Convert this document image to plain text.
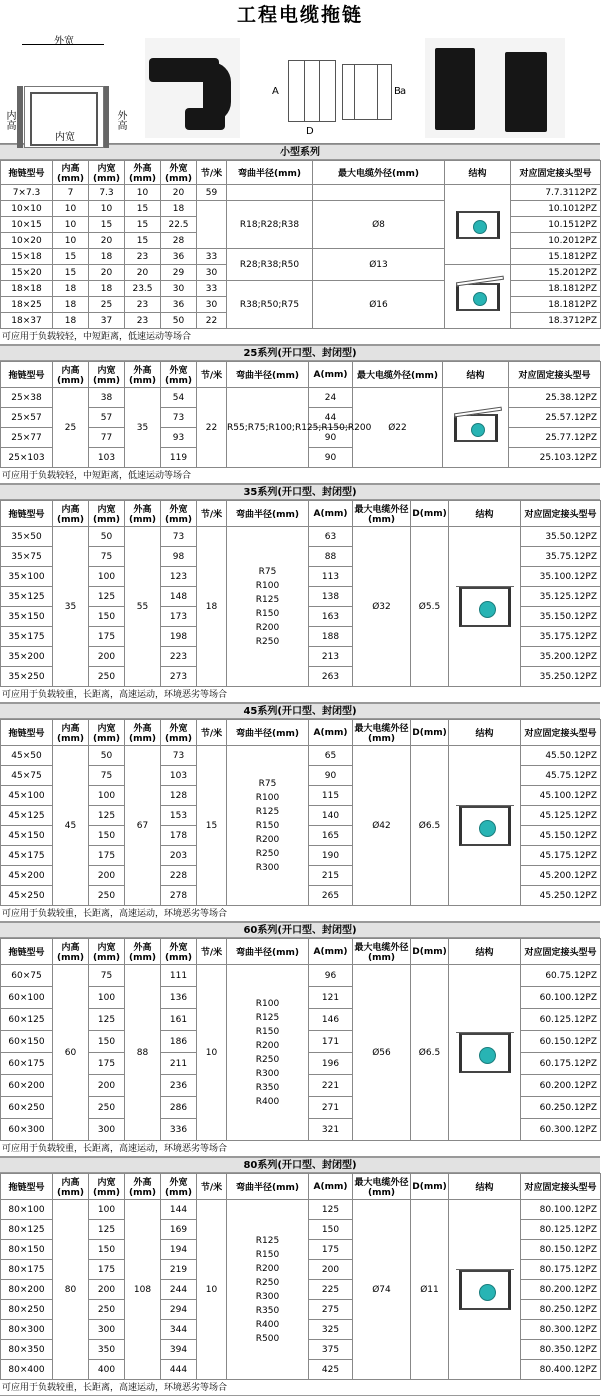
工程电缆拖链
外宽
内高	外高
内宽
A	B a
D
小型系列
拖链型号	内高(mm)	内宽(mm)	外高(mm)	外宽(mm)	节/米	弯曲半径(mm)	最大电缆外径(mm)	结构	对应固定接头型号
7×7.3	7	7.3	10	20	59				7.7.3112PZ
10×10	10	10	15	18		R18;R28;R38	Ø8		10.1012PZ
10×15	10	15	15	22.5					10.1512PZ
10×20	10	20	15	28					10.2012PZ
15×18	15	18	23	36	33	R28;R38;R50	Ø13		15.1812PZ
15×20	15	20	20	29	30				15.2012PZ
18×18	18	18	23.5	30	33	R38;R50;R75	Ø16		18.1812PZ
18×25	18	25	23	36	30				18.1812PZ
18×37	18	37	23	50	22				18.3712PZ
可应用于负载较轻，中短距离，低速运动等场合
25系列(开口型、封闭型)
拖链型号	内高(mm)	内宽(mm)	外高(mm)	外宽(mm)	节/米	弯曲半径(mm)	A(mm)	最大电缆外径(mm)	结构	对应固定接头型号
25×38	25	38	35	54	22	R55;R75;R100;R125;R150;R200	24	Ø22		25.38.12PZ
25×57		57		73			44			25.57.12PZ
25×77		77		93			90			25.77.12PZ
25×103		103		119			90			25.103.12PZ
可应用于负载较轻，中短距离，低速运动等场合
35系列(开口型、封闭型)
拖链型号	内高(mm)	内宽(mm)	外高(mm)	外宽(mm)	节/米	弯曲半径(mm)	A(mm)	最大电缆外径(mm)	D(mm)	结构	对应固定接头型号
35×50	35	50	55	73	18	R75 R100 R125 R150 R200 R250	63	Ø32	Ø5.5		35.50.12PZ
35×75		75		98			88				35.75.12PZ
35×100		100		123			113				35.100.12PZ
35×125		125		148			138				35.125.12PZ
35×150		150		173			163				35.150.12PZ
35×175		175		198			188				35.175.12PZ
35×200		200		223			213				35.200.12PZ
35×250		250		273			263				35.250.12PZ
可应用于负载较重，长距离，高速运动，环境恶劣等场合
45系列(开口型、封闭型)
拖链型号	内高(mm)	内宽(mm)	外高(mm)	外宽(mm)	节/米	弯曲半径(mm)	A(mm)	最大电缆外径(mm)	D(mm)	结构	对应固定接头型号
45×50	45	50	67	73	15	R75 R100 R125 R150 R200 R250 R300	65	Ø42	Ø6.5		45.50.12PZ
45×75		75		103			90				45.75.12PZ
45×100		100		128			115				45.100.12PZ
45×125		125		153			140				45.125.12PZ
45×150		150		178			165				45.150.12PZ
45×175		175		203			190				45.175.12PZ
45×200		200		228			215				45.200.12PZ
45×250		250		278			265				45.250.12PZ
可应用于负载较重，长距离，高速运动，环境恶劣等场合
60系列(开口型、封闭型)
拖链型号	内高(mm)	内宽(mm)	外高(mm)	外宽(mm)	节/米	弯曲半径(mm)	A(mm)	最大电缆外径(mm)	D(mm)	结构	对应固定接头型号
60×75	60	75	88	111	10	R100 R125 R150 R200 R250 R300 R350 R400	96	Ø56	Ø6.5		60.75.12PZ
60×100		100		136			121				60.100.12PZ
60×125		125		161			146				60.125.12PZ
60×150		150		186			171				60.150.12PZ
60×175		175		211			196				60.175.12PZ
60×200		200		236			221				60.200.12PZ
60×250		250		286			271				60.250.12PZ
60×300		300		336			321				60.300.12PZ
可应用于负载较重，长距离，高速运动，环境恶劣等场合
80系列(开口型、封闭型)
拖链型号	内高(mm)	内宽(mm)	外高(mm)	外宽(mm)	节/米	弯曲半径(mm)	A(mm)	最大电缆外径(mm)	D(mm)	结构	对应固定接头型号
80×100	80	100	108	144	10	R125 R150 R200 R250 R300 R350 R400 R500	125	Ø74	Ø11		80.100.12PZ
80×125		125		169			150				80.125.12PZ
80×150		150		194			175				80.150.12PZ
80×175		175		219			200				80.175.12PZ
80×200		200		244			225				80.200.12PZ
80×250		250		294			275				80.250.12PZ
80×300		300		344			325				80.300.12PZ
80×350		350		394			375				80.350.12PZ
80×400		400		444			425				80.400.12PZ
可应用于负载较重，长距离，高速运动，环境恶劣等场合
